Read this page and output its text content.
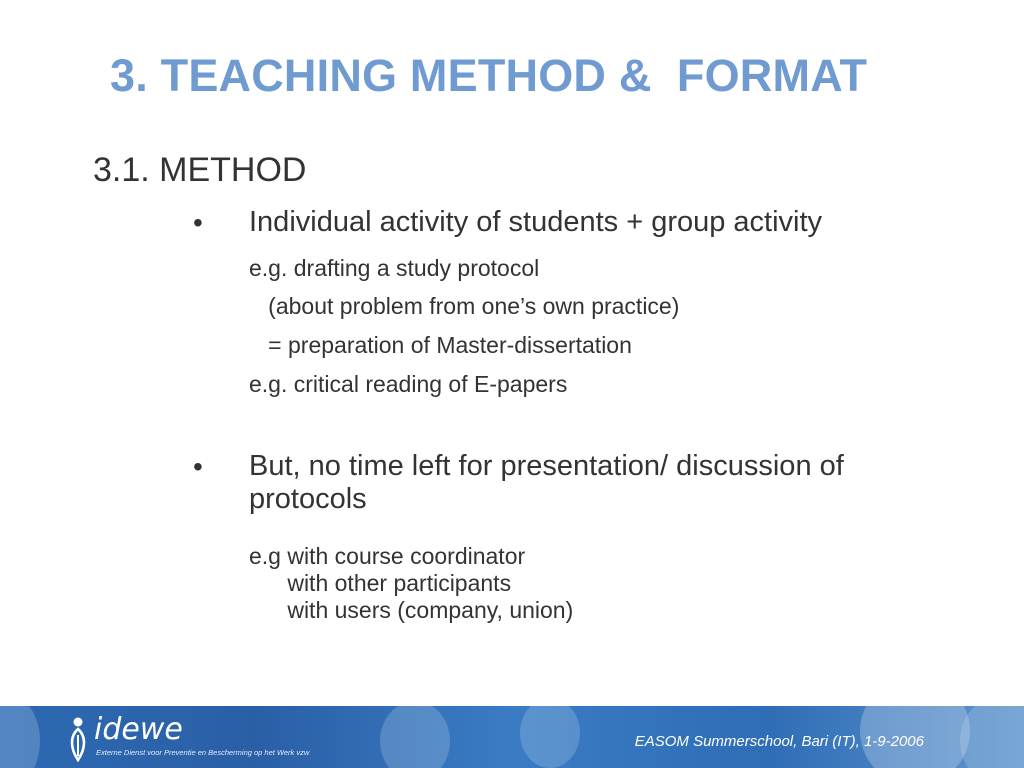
3. TEACHING METHOD &  FORMAT
3.1. METHOD
• Individual activity of students + group activity
e.g. drafting a study protocol
(about problem from one’s own practice)
= preparation of Master-dissertation
e.g. critical reading of E-papers
• But, no time left for presentation/ discussion of protocols
e.g with course coordinator
with other participants
with users (company, union)
idewe
Externe Dienst voor Preventie en Bescherming op het Werk vzw
EASOM Summerschool, Bari (IT), 1-9-2006
